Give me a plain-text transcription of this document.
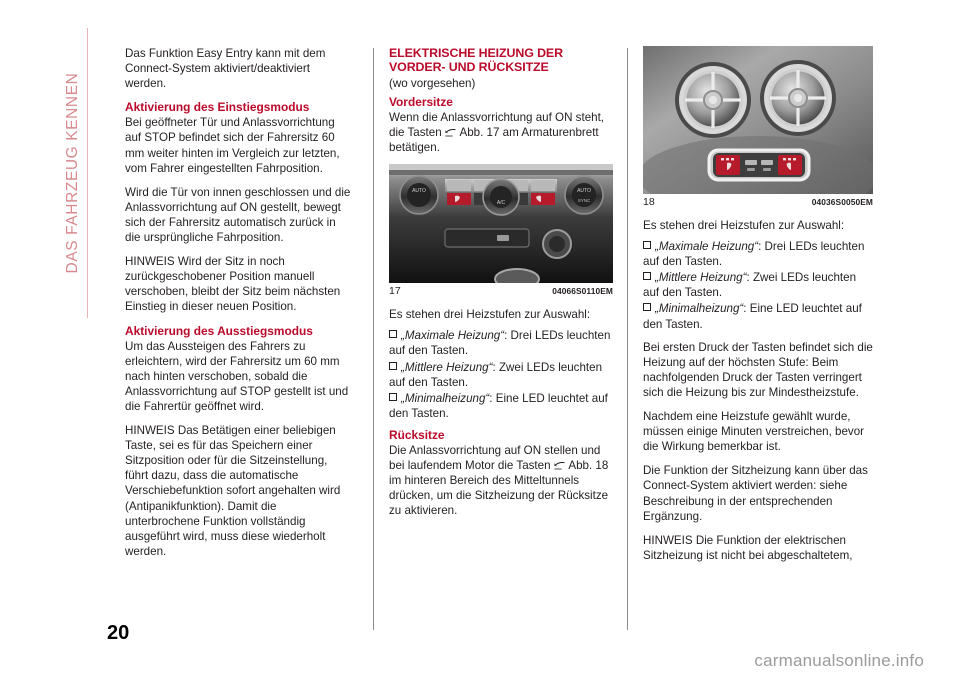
DAS FAHRZEUG KENNEN

Das Funktion Easy Entry kann mit dem Connect-System aktiviert/deaktiviert werden.

Aktivierung des Einstiegsmodus

Bei geöffneter Tür und Anlassvorrichtung auf STOP befindet sich der Fahrersitz 60 mm weiter hinten im Vergleich zur letzten, vom Fahrer eingestellten Fahrposition.

Wird die Tür von innen geschlossen und die Anlassvorrichtung auf ON gestellt, bewegt sich der Fahrersitz automatisch zurück in die ursprüngliche Fahrposition.

HINWEIS Wird der Sitz in noch zurückgeschobener Position manuell verschoben, bleibt der Sitz beim nächsten Einstieg in dieser neuen Position.

Aktivierung des Ausstiegsmodus

Um das Aussteigen des Fahrers zu erleichtern, wird der Fahrersitz um 60 mm nach hinten verschoben, sobald die Anlassvorrichtung auf STOP gestellt ist und die Fahrertür geöffnet wird.

HINWEIS Das Betätigen einer beliebigen Taste, sei es für das Speichern einer Sitzposition oder für die Sitzeinstellung, führt dazu, dass die automatische Verschiebefunktion sofort angehalten wird (Antipanikfunktion). Damit die unterbrochene Funktion vollständig ausgeführt wird, muss diese wiederholt werden.

ELEKTRISCHE HEIZUNG DER VORDER- UND RÜCKSITZE

(wo vorgesehen)

Vordersitze

Wenn die Anlassvorrichtung auf ON steht, die Tasten  Abb. 17 am Armaturenbrett betätigen.

AUTO
A/C
AUTO
SYNC
17	04066S0110EM

Es stehen drei Heizstufen zur Auswahl:

„Maximale Heizung“: Drei LEDs leuchten auf den Tasten.
„Mittlere Heizung“: Zwei LEDs leuchten auf den Tasten.
„Minimalheizung“: Eine LED leuchtet auf den Tasten.
Rücksitze

Die Anlassvorrichtung auf ON stellen und bei laufendem Motor die Tasten  Abb. 18 im hinteren Bereich des Mitteltunnels drücken, um die Sitzheizung der Rücksitze zu aktivieren.

18	04036S0050EM

Es stehen drei Heizstufen zur Auswahl:

„Maximale Heizung“: Drei LEDs leuchten auf den Tasten.
„Mittlere Heizung“: Zwei LEDs leuchten auf den Tasten.
„Minimalheizung“: Eine LED leuchtet auf den Tasten.

Bei ersten Druck der Tasten befindet sich die Heizung auf der höchsten Stufe: Beim nachfolgenden Druck der Tasten verringert sich die Heizung bis zur Mindestheizstufe.

Nachdem eine Heizstufe gewählt wurde, müssen einige Minuten verstreichen, bevor die Wirkung bemerkbar ist.

Die Funktion der Sitzheizung kann über das Connect-System aktiviert werden: siehe Beschreibung in der entsprechenden Ergänzung.

HINWEIS Die Funktion der elektrischen Sitzheizung ist nicht bei abgeschaltetem,

20
carmanualsonline.info
